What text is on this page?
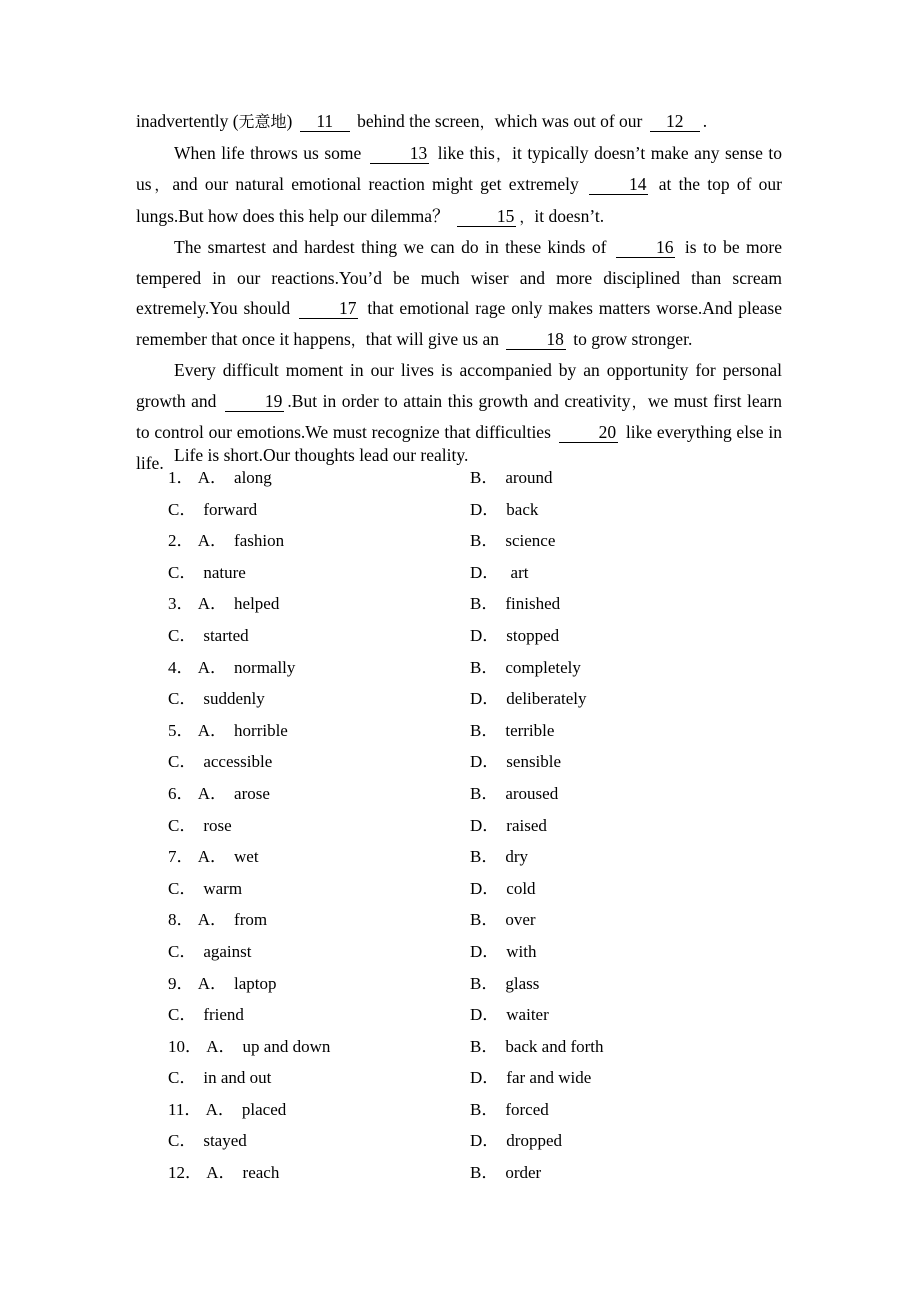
inadvertently (无意地) 11 behind the screen，which was out of our 12 .

When life throws us some 13 like this，it typically doesn’t make any sense to us，and our natural emotional reaction might get extremely 14 at the top of our lungs.But how does this help our dilemma？ 15 ，it doesn’t.

The smartest and hardest thing we can do in these kinds of 16 is to be more tempered in our reactions.You’d be much wiser and more disciplined than scream extremely.You should 17 that emotional rage only makes matters worse.And please remember that once it happens，that will give us an 18 to grow stronger.

Every difficult moment in our lives is accompanied by an opportunity for personal growth and 19 .But in order to attain this growth and creativity，we must first learn to control our emotions.We must recognize that difficulties 20 like everything else in life. Life is short.Our thoughts lead our reality.
1． A． along	B． around
C． forward	D． back
2． A． fashion	B． science
C． nature	D． art
3． A． helped	B． finished
C． started	D． stopped
4． A． normally	B． completely
C． suddenly	D． deliberately
5． A． horrible	B． terrible
C． accessible	D． sensible
6． A． arose	B． aroused
C． rose	D． raised
7． A． wet	B． dry
C． warm	D． cold
8． A． from	B． over
C． against	D． with
9． A． laptop	B． glass
C． friend	D． waiter
10． A． up and down	B． back and forth
C． in and out	D． far and wide
11． A． placed	B． forced
C． stayed	D． dropped
12． A． reach	B． order
